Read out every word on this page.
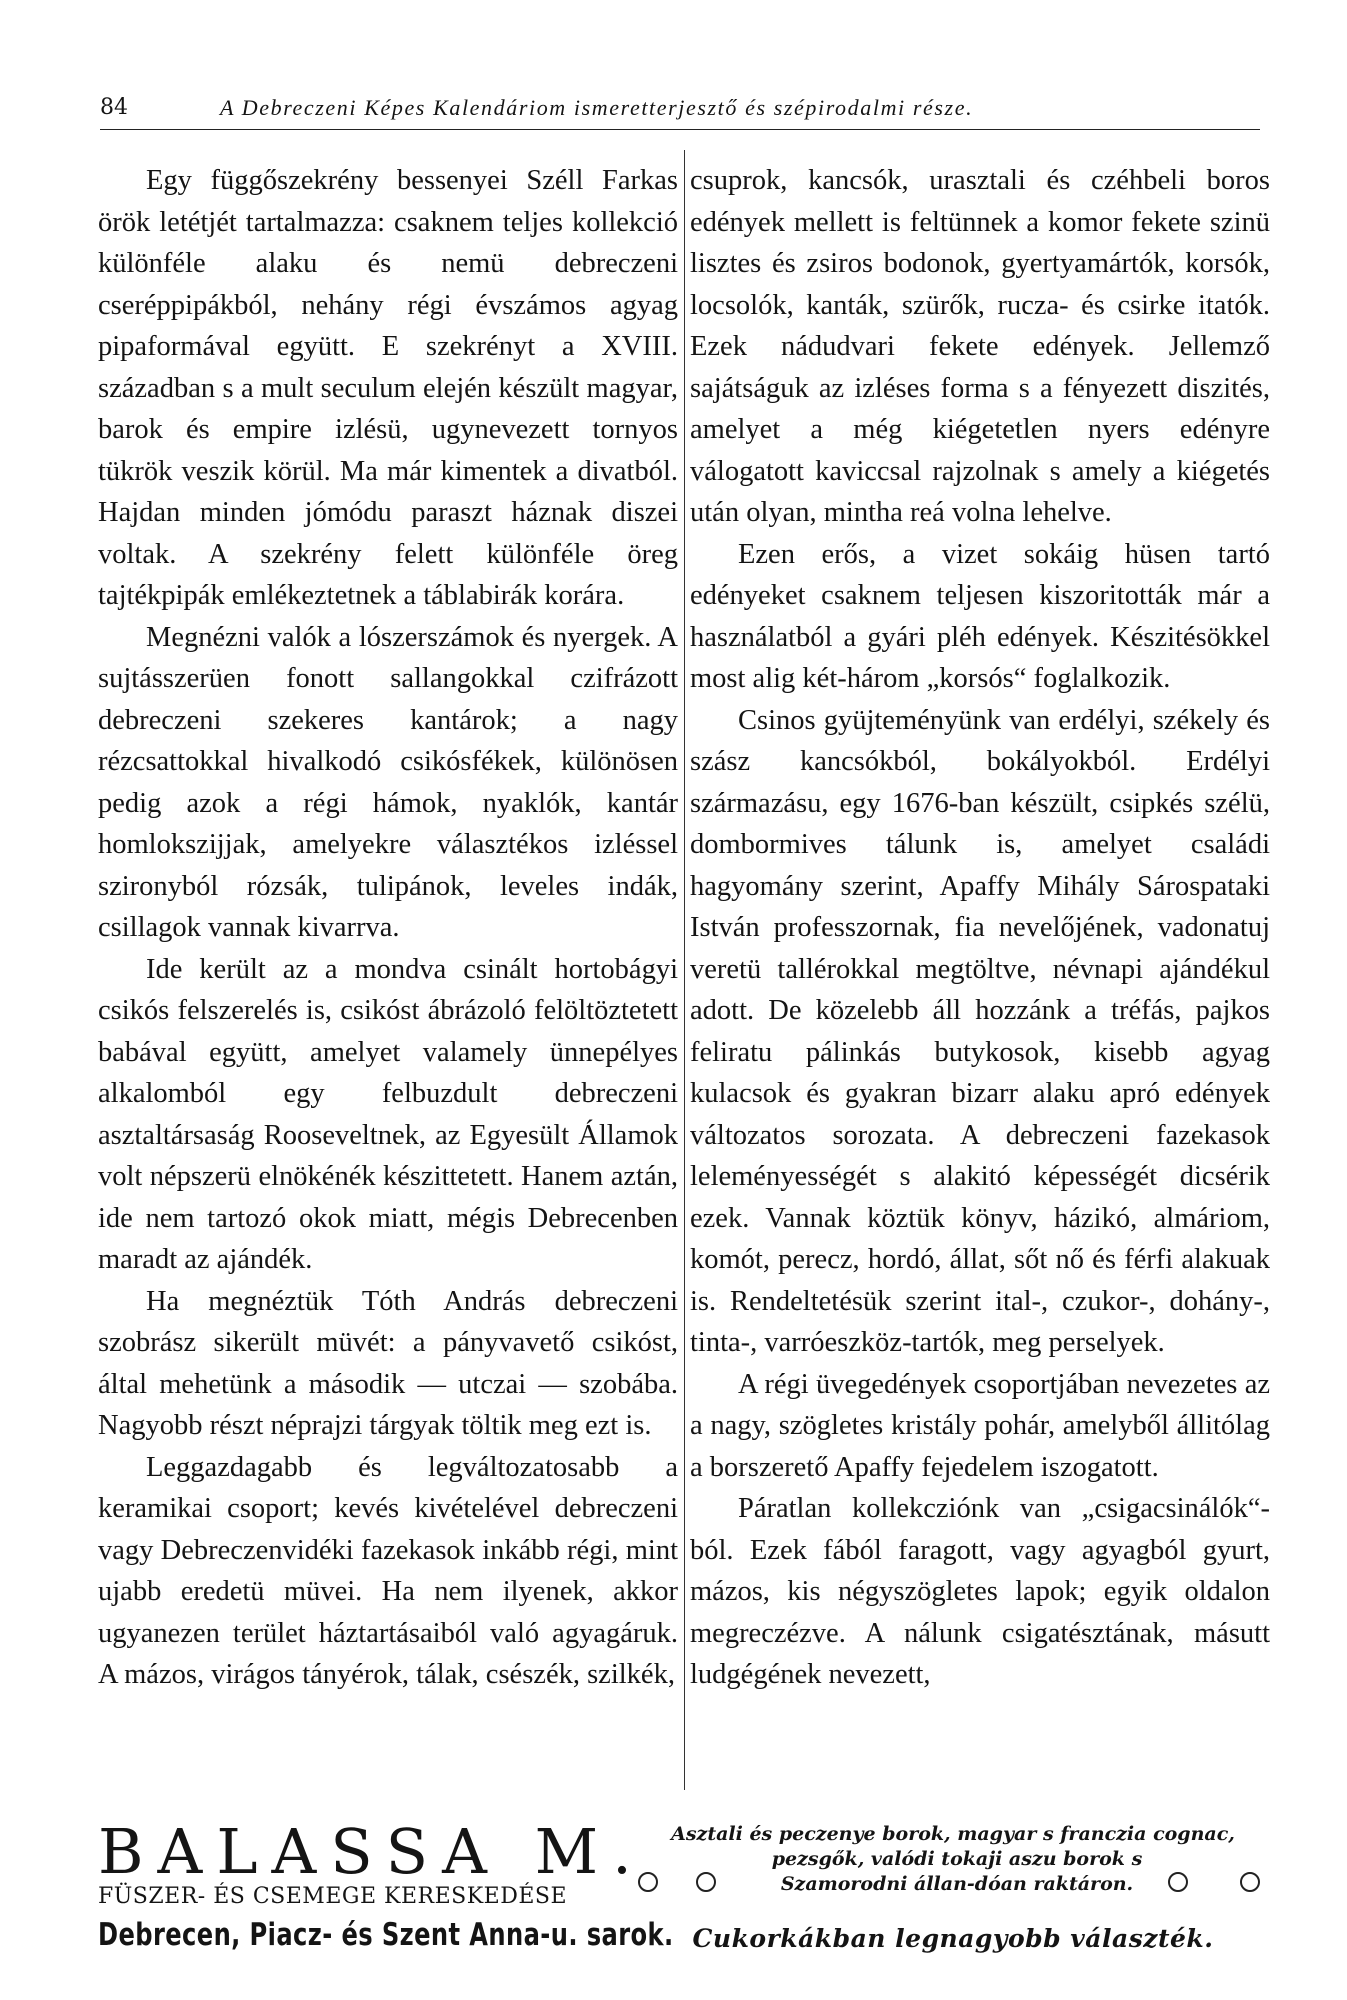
84	A Debreczeni Képes Kalendáriom ismeretterjesztő és szépirodalmi része.

Egy függőszekrény bessenyei Széll Farkas örök letétjét tartalmazza: csaknem teljes kollekció különféle alaku és nemü debreczeni cseréppipákból, nehány régi évszámos agyag pipaformával együtt. E szekrényt a XVIII. században s a mult seculum elején készült magyar, barok és empire izlésü, ugynevezett tornyos tükrök veszik körül. Ma már kimentek a divatból. Hajdan minden jómódu paraszt háznak diszei voltak. A szekrény felett különféle öreg tajtékpipák emlékeztetnek a táblabirák korára.

Megnézni valók a lószerszámok és nyergek. A sujtásszerüen fonott sallangokkal czifrázott debreczeni szekeres kantárok; a nagy rézcsattokkal hivalkodó csikósfékek, különösen pedig azok a régi hámok, nyaklók, kantár homlokszijjak, amelyekre választékos izléssel szironyból rózsák, tulipánok, leveles indák, csillagok vannak kivarrva.

Ide került az a mondva csinált hortobágyi csikós felszerelés is, csikóst ábrázoló felöltöztetett babával együtt, amelyet valamely ünnepélyes alkalomból egy felbuzdult debreczeni asztaltársaság Rooseveltnek, az Egyesült Államok volt népszerü elnökénék készittetett. Hanem aztán, ide nem tartozó okok miatt, mégis Debrecenben maradt az ajándék.

Ha megnéztük Tóth András debreczeni szobrász sikerült müvét: a pányvavető csikóst, által mehetünk a második — utczai — szobába. Nagyobb részt néprajzi tárgyak töltik meg ezt is.

Leggazdagabb és legváltozatosabb a keramikai csoport; kevés kivételével debreczeni vagy Debreczenvidéki fazekasok inkább régi, mint ujabb eredetü müvei. Ha nem ilyenek, akkor ugyanezen terület háztartásaiból való agyagáruk. A mázos, virágos tányérok, tálak, csészék, szilkék,

csuprok, kancsók, urasztali és czéhbeli boros edények mellett is feltünnek a komor fekete szinü lisztes és zsiros bodonok, gyertyamártók, korsók, locsolók, kanták, szürők, rucza- és csirke itatók. Ezek nádudvari fekete edények. Jellemző sajátságuk az izléses forma s a fényezett diszités, amelyet a még kiégetetlen nyers edényre válogatott kaviccsal rajzolnak s amely a kiégetés után olyan, mintha reá volna lehelve.

Ezen erős, a vizet sokáig hüsen tartó edényeket csaknem teljesen kiszoritották már a használatból a gyári pléh edények. Készitésökkel most alig két-három „korsós“ foglalkozik.

Csinos gyüjteményünk van erdélyi, székely és szász kancsókból, bokályokból. Erdélyi származásu, egy 1676-ban készült, csipkés szélü, dombormives tálunk is, amelyet családi hagyomány szerint, Apaffy Mihály Sárospataki István professzornak, fia nevelőjének, vadonatuj veretü tallérokkal megtöltve, névnapi ajándékul adott. De közelebb áll hozzánk a tréfás, pajkos feliratu pálinkás butykosok, kisebb agyag kulacsok és gyakran bizarr alaku apró edények változatos sorozata. A debreczeni fazekasok leleményességét s alakitó képességét dicsérik ezek. Vannak köztük könyv, házikó, almáriom, komót, perecz, hordó, állat, sőt nő és férfi alakuak is. Rendeltetésük szerint ital-, czukor-, dohány-, tinta-, varróeszköz-tartók, meg perselyek.

A régi üvegedények csoportjában nevezetes az a nagy, szögletes kristály pohár, amelyből állitólag a borszerető Apaffy fejedelem iszogatott.

Páratlan kollekcziónk van „csigacsinálók“-ból. Ezek fából faragott, vagy agyagból gyurt, mázos, kis négyszögletes lapok; egyik oldalon megreczézve. A nálunk csigatésztának, másutt ludgégének nevezett,

BALASSA M.
FÜSZER- ÉS CSEMEGE KERESKEDÉSE
Debrecen, Piacz- és Szent Anna-u. sarok.
Asztali és peczenye borok, magyar s franczia cognac,
pezsgők, valódi tokaji aszu borok s Szamorodni állan-dóan raktáron.
Cukorkákban legnagyobb választék.
